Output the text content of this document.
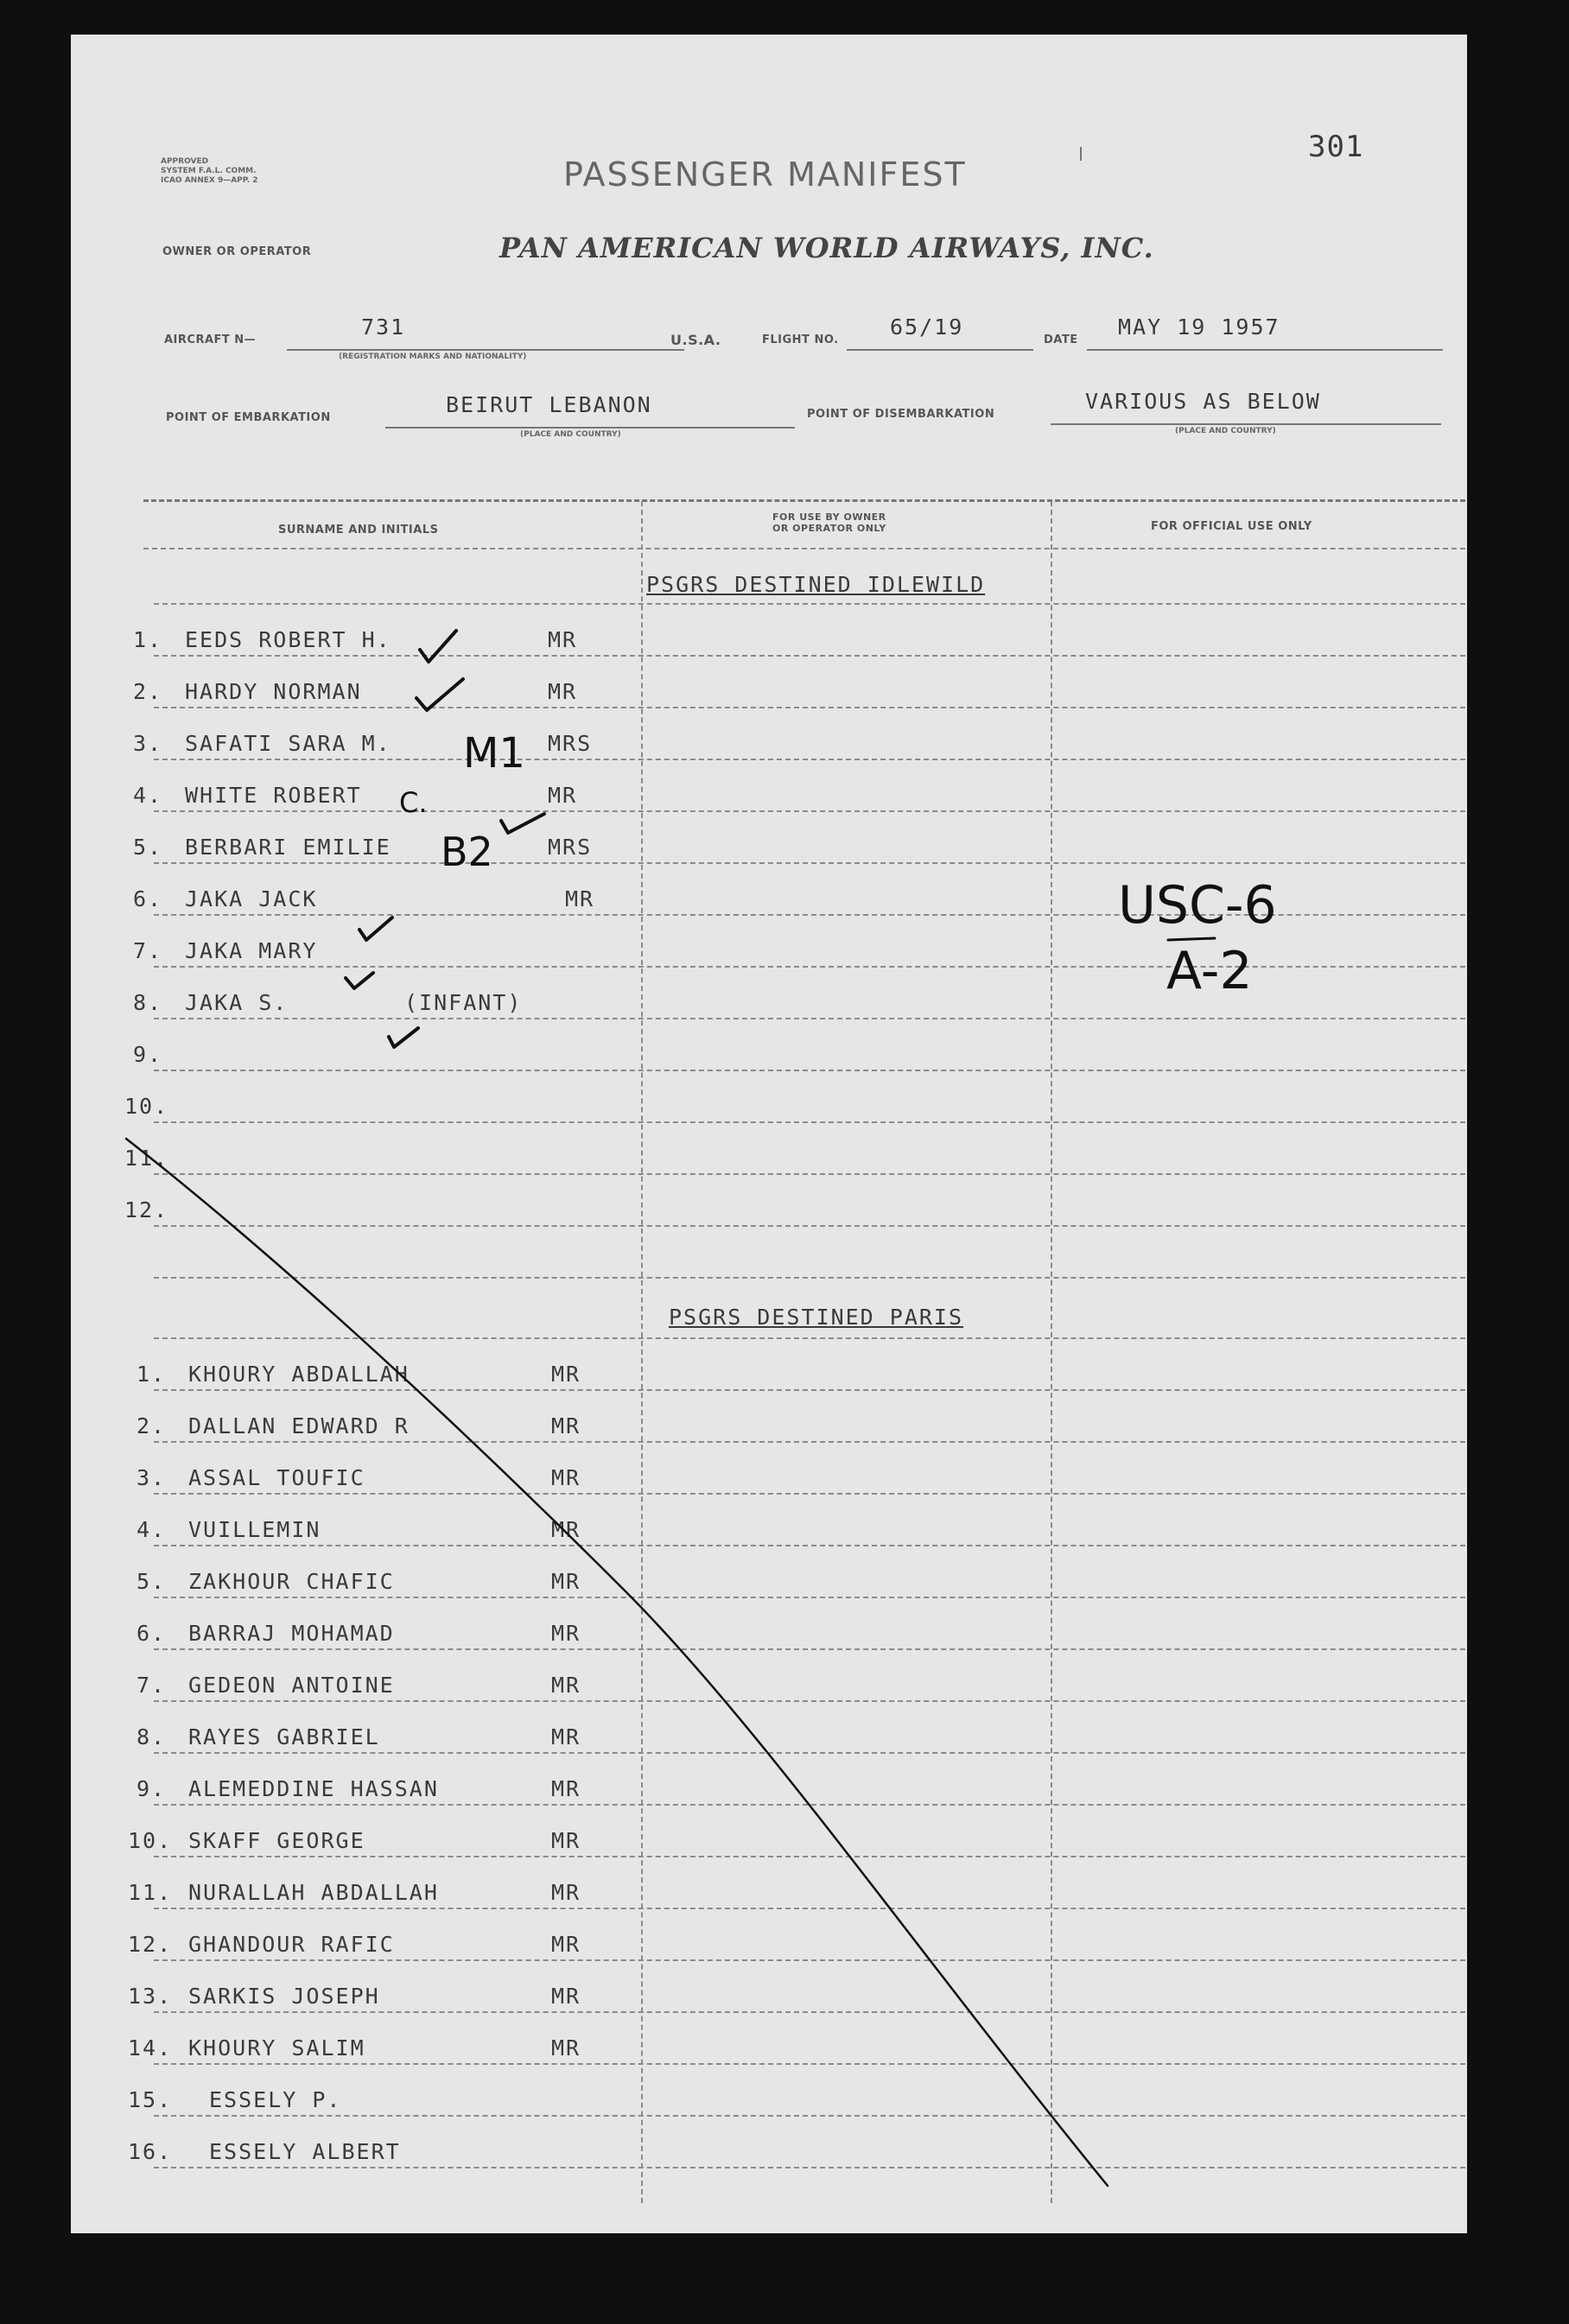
APPROVED
SYSTEM F.A.L. COMM.
ICAO ANNEX 9—APP. 2	PASSENGER MANIFEST
301
OWNER OR OPERATOR	PAN AMERICAN WORLD AIRWAYS, INC.
AIRCRAFT N—
731
(REGISTRATION MARKS AND NATIONALITY)
U.S.A.	FLIGHT NO.
65/19
DATE
MAY 19 1957
POINT OF EMBARKATION
BEIRUT LEBANON
(PLACE AND COUNTRY)
POINT OF DISEMBARKATION
VARIOUS AS BELOW
(PLACE AND COUNTRY)
SURNAME AND INITIALS
FOR USE BY OWNER
OR OPERATOR ONLY	FOR OFFICIAL USE ONLY
PSGRS DESTINED IDLEWILD
PSGRS DESTINED PARIS
1. EEDS ROBERT H.	MR
2. HARDY NORMAN	MR
3. SAFATI SARA M.	MRS
4. WHITE ROBERT	MR
5. BERBARI EMILIE	MRS
6. JAKA JACK	MR
7. JAKA MARY
8. JAKA S.	(INFANT)
9.
10.
11.
12.
1. KHOURY ABDALLAH	MR
2. DALLAN EDWARD R	MR
3. ASSAL TOUFIC	MR
4. VUILLEMIN	MR
5. ZAKHOUR CHAFIC	MR
6. BARRAJ MOHAMAD	MR
7. GEDEON ANTOINE	MR
8. RAYES GABRIEL	MR
9. ALEMEDDINE HASSAN	MR
10. SKAFF GEORGE	MR
11. NURALLAH ABDALLAH	MR
12. GHANDOUR RAFIC	MR
13. SARKIS JOSEPH	MR
14. KHOURY SALIM	MR
15. ESSELY P.
16. ESSELY ALBERT
M1
B2
C.
USC-6
A-2
